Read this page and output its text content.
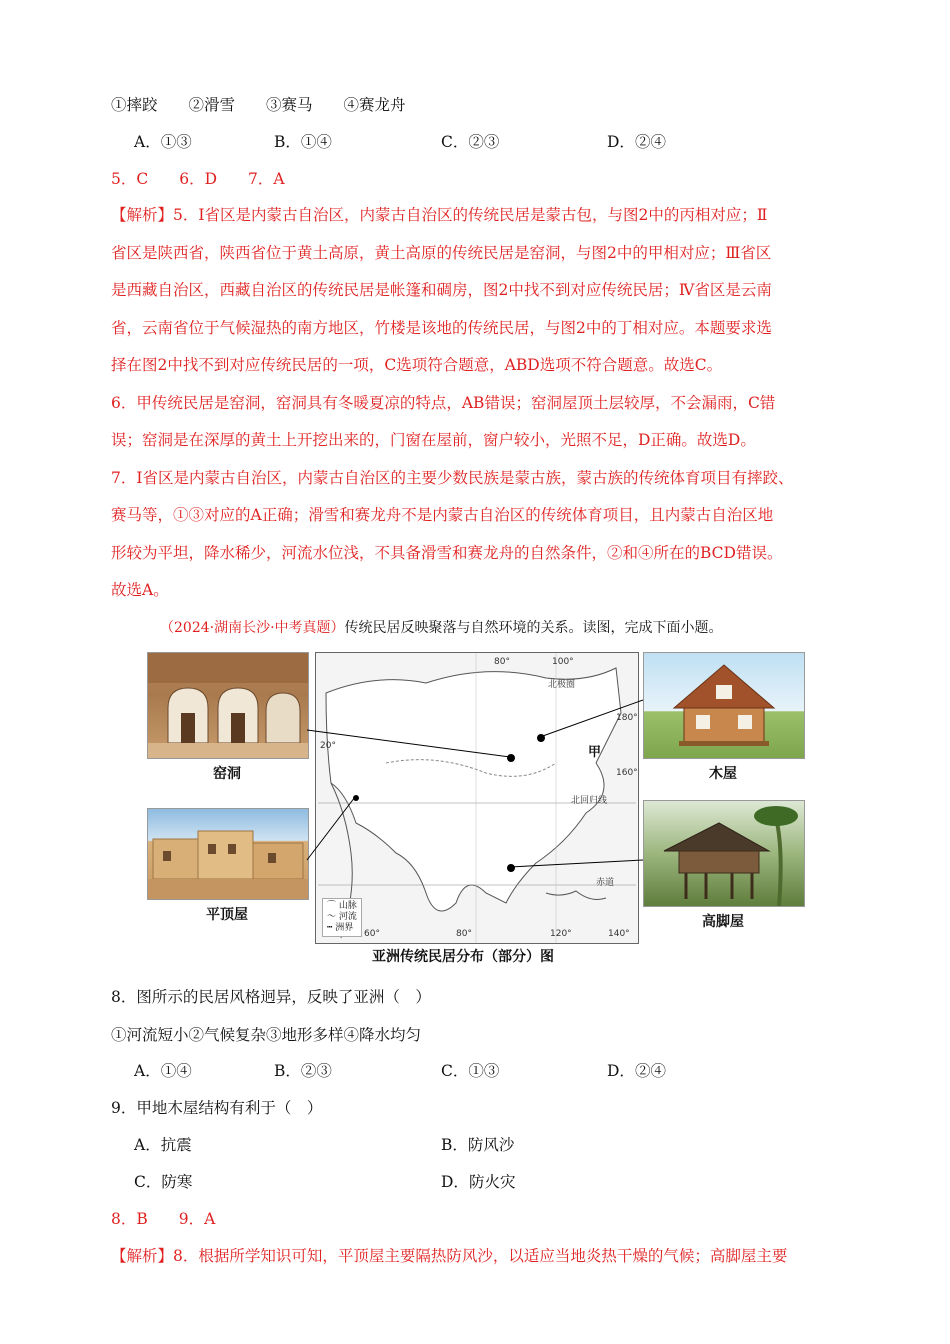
①摔跤　　②滑雪　　③赛马　　④赛龙舟
A．①③	B．①④	C．②③	D．②④
5．C　　6．D　　7．A

【解析】5．Ⅰ省区是内蒙古自治区，内蒙古自治区的传统民居是蒙古包，与图2中的丙相对应；Ⅱ

省区是陕西省，陕西省位于黄土高原，黄土高原的传统民居是窑洞，与图2中的甲相对应；Ⅲ省区

是西藏自治区，西藏自治区的传统民居是帐篷和碉房，图2中找不到对应传统民居；Ⅳ省区是云南

省，云南省位于气候湿热的南方地区，竹楼是该地的传统民居，与图2中的丁相对应。本题要求选

择在图2中找不到对应传统民居的一项，C选项符合题意，ABD选项不符合题意。故选C。

6．甲传统民居是窑洞，窑洞具有冬暖夏凉的特点，AB错误；窑洞屋顶土层较厚，不会漏雨，C错

误；窑洞是在深厚的黄土上开挖出来的，门窗在屋前，窗户较小，光照不足，D正确。故选D。

7．Ⅰ省区是内蒙古自治区，内蒙古自治区的主要少数民族是蒙古族，蒙古族的传统体育项目有摔跤、

赛马等，①③对应的A正确；滑雪和赛龙舟不是内蒙古自治区的传统体育项目，且内蒙古自治区地

形较为平坦，降水稀少，河流水位浅，不具备滑雪和赛龙舟的自然条件，②和④所在的BCD错误。

故选A。

（2024·湖南长沙·中考真题）传统民居反映聚落与自然环境的关系。读图，完成下面小题。
窑洞
平顶屋
木屋
高脚屋
80°	100°
180°
160°
20°
北回归线
赤道
北极圈
60°	80°	120°	140°
甲
⌒ 山脉
～ 河流
┅ 洲界
亚洲传统民居分布（部分）图
8．图所示的民居风格迥异，反映了亚洲（　）
①河流短小②气候复杂③地形多样④降水均匀
A．①④	B．②③	C．①③	D．②④
9．甲地木屋结构有利于（　）
A．抗震	B．防风沙
C．防寒	D．防火灾
8．B　　9．A
【解析】8．根据所学知识可知，平顶屋主要隔热防风沙，以适应当地炎热干燥的气候；高脚屋主要
